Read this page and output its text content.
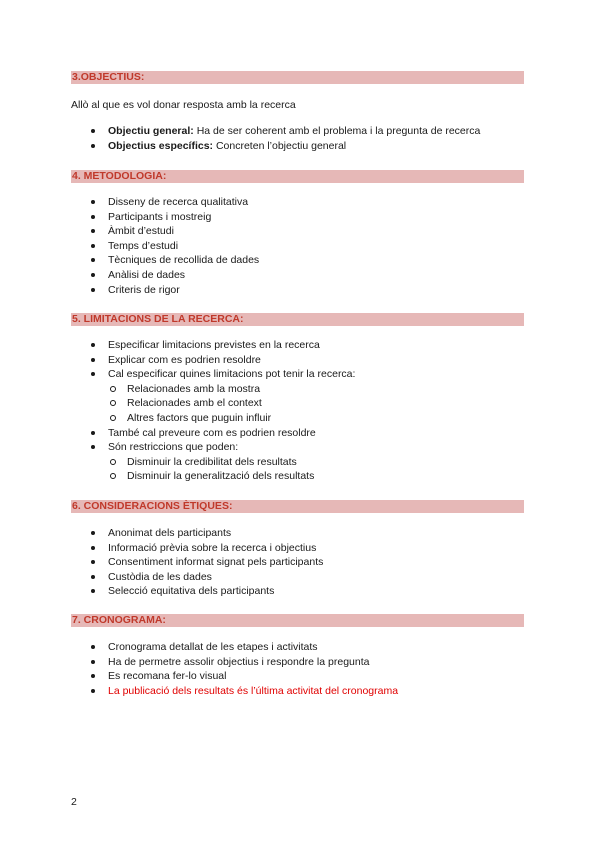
3.OBJECTIUS:
Allò al que es vol donar resposta amb la recerca
Objectiu general: Ha de ser coherent amb el problema i la pregunta de recerca
Objectius específics: Concreten l’objectiu general
4. METODOLOGIA:
Disseny de recerca qualitativa
Participants i mostreig
Àmbit d’estudi
Temps d’estudi
Tècniques de recollida de dades
Anàlisi de dades
Criteris de rigor
5. LIMITACIONS DE LA RECERCA:
Especificar limitacions previstes en la recerca
Explicar com es podrien resoldre
Cal especificar quines limitacions pot tenir la recerca:
Relacionades amb la mostra
Relacionades amb el context
Altres factors que puguin influir
També cal preveure com es podrien resoldre
Són restriccions que poden:
Disminuir la credibilitat dels resultats
Disminuir la generalització dels resultats
6. CONSIDERACIONS ÈTIQUES:
Anonimat dels participants
Informació prèvia sobre la recerca i objectius
Consentiment informat signat pels participants
Custòdia de les dades
Selecció equitativa dels participants
7. CRONOGRAMA:
Cronograma detallat de les etapes i activitats
Ha de permetre assolir objectius i respondre la pregunta
Es recomana fer-lo visual
La publicació dels resultats és l’última activitat del cronograma
2
